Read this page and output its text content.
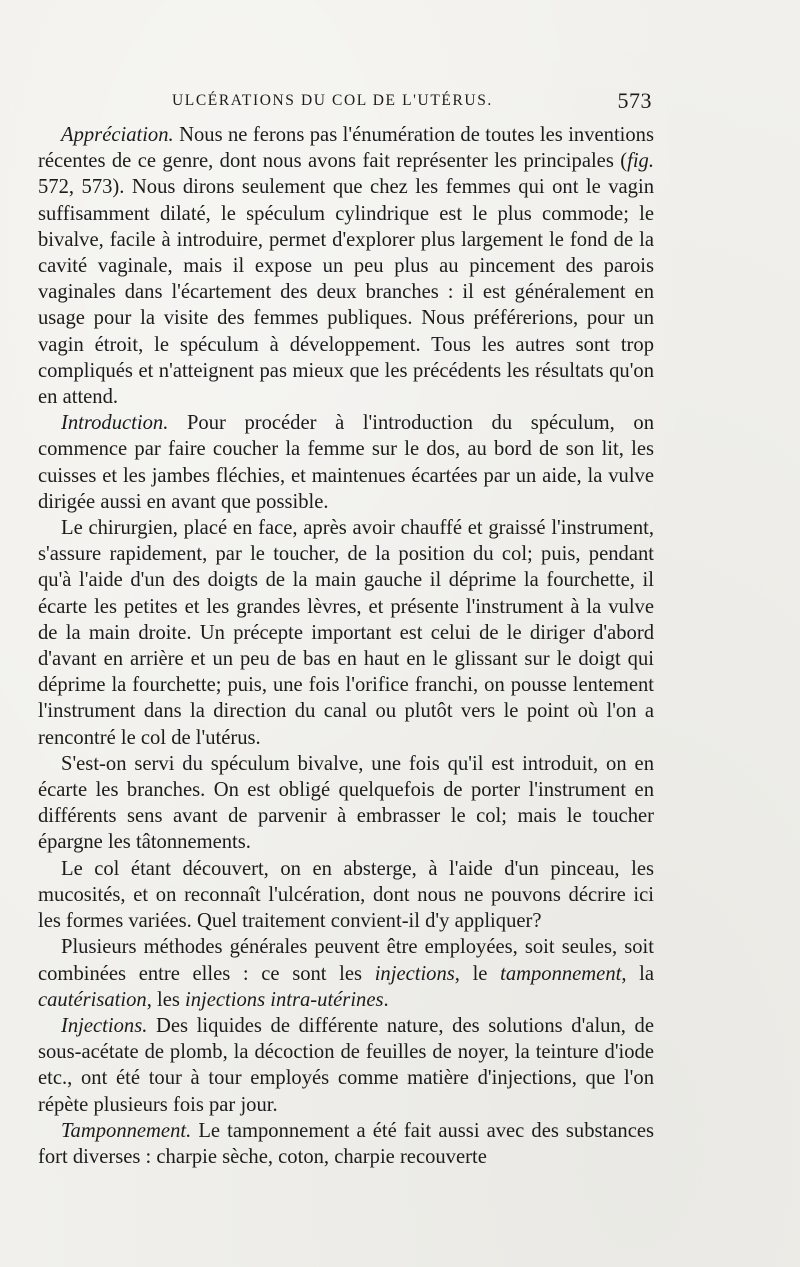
ULCÉRATIONS DU COL DE L'UTÉRUS.	573

Appréciation. Nous ne ferons pas l'énumération de toutes les inventions récentes de ce genre, dont nous avons fait représenter les principales (fig. 572, 573). Nous dirons seulement que chez les femmes qui ont le vagin suffisamment dilaté, le spéculum cylindrique est le plus commode; le bivalve, facile à introduire, permet d'explorer plus largement le fond de la cavité vaginale, mais il expose un peu plus au pincement des parois vaginales dans l'écartement des deux branches : il est généralement en usage pour la visite des femmes publiques. Nous préférerions, pour un vagin étroit, le spéculum à développement. Tous les autres sont trop compliqués et n'atteignent pas mieux que les précédents les résultats qu'on en attend.

Introduction. Pour procéder à l'introduction du spéculum, on commence par faire coucher la femme sur le dos, au bord de son lit, les cuisses et les jambes fléchies, et maintenues écartées par un aide, la vulve dirigée aussi en avant que possible.

Le chirurgien, placé en face, après avoir chauffé et graissé l'instrument, s'assure rapidement, par le toucher, de la position du col; puis, pendant qu'à l'aide d'un des doigts de la main gauche il déprime la fourchette, il écarte les petites et les grandes lèvres, et présente l'instrument à la vulve de la main droite. Un précepte important est celui de le diriger d'abord d'avant en arrière et un peu de bas en haut en le glissant sur le doigt qui déprime la fourchette; puis, une fois l'orifice franchi, on pousse lentement l'instrument dans la direction du canal ou plutôt vers le point où l'on a rencontré le col de l'utérus.

S'est-on servi du spéculum bivalve, une fois qu'il est introduit, on en écarte les branches. On est obligé quelquefois de porter l'instrument en différents sens avant de parvenir à embrasser le col; mais le toucher épargne les tâtonnements.

Le col étant découvert, on en absterge, à l'aide d'un pinceau, les mucosités, et on reconnaît l'ulcération, dont nous ne pouvons décrire ici les formes variées. Quel traitement convient-il d'y appliquer?

Plusieurs méthodes générales peuvent être employées, soit seules, soit combinées entre elles : ce sont les injections, le tamponnement, la cautérisation, les injections intra-utérines.

Injections. Des liquides de différente nature, des solutions d'alun, de sous-acétate de plomb, la décoction de feuilles de noyer, la teinture d'iode etc., ont été tour à tour employés comme matière d'injections, que l'on répète plusieurs fois par jour.

Tamponnement. Le tamponnement a été fait aussi avec des substances fort diverses : charpie sèche, coton, charpie recouverte
